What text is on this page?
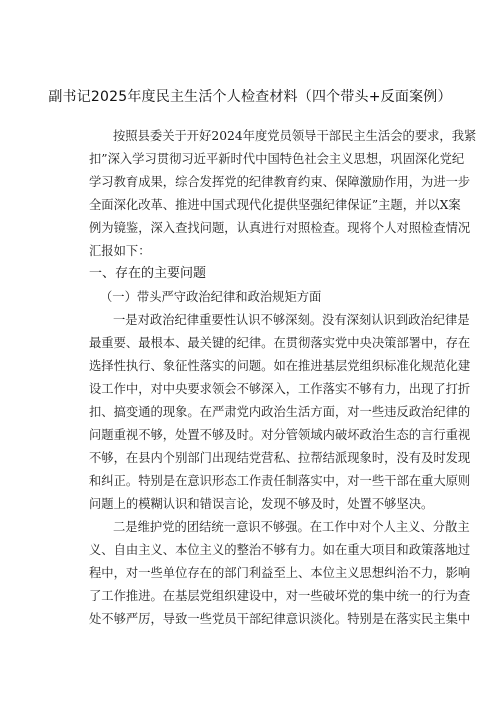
副书记2025年度民主生活个人检查材料（四个带头+反面案例）
按照县委关于开好2024年度党员领导干部民主生活会的要求，我紧
扣”深入学习贯彻习近平新时代中国特色社会主义思想，巩固深化党纪
学习教育成果，综合发挥党的纪律教育约束、保障激励作用，为进一步
全面深化改革、推进中国式现代化提供坚强纪律保证”主题，并以X案
例为镜鉴，深入查找问题，认真进行对照检查。现将个人对照检查情况
汇报如下：
一、存在的主要问题
（一）带头严守政治纪律和政治规矩方面
一是对政治纪律重要性认识不够深刻。没有深刻认识到政治纪律是
最重要、最根本、最关键的纪律。在贯彻落实党中央决策部署中，存在
选择性执行、象征性落实的问题。如在推进基层党组织标准化规范化建
设工作中，对中央要求领会不够深入，工作落实不够有力，出现了打折
扣、搞变通的现象。在严肃党内政治生活方面，对一些违反政治纪律的
问题重视不够，处置不够及时。对分管领域内破坏政治生态的言行重视
不够，在县内个别部门出现结党营私、拉帮结派现象时，没有及时发现
和纠正。特别是在意识形态工作责任制落实中，对一些干部在重大原则
问题上的模糊认识和错误言论，发现不够及时，处置不够坚决。
二是维护党的团结统一意识不够强。在工作中对个人主义、分散主
义、自由主义、本位主义的整治不够有力。如在重大项目和政策落地过
程中，对一些单位存在的部门利益至上、本位主义思想纠治不力，影响
了工作推进。在基层党组织建设中，对一些破坏党的集中统一的行为查
处不够严厉，导致一些党员干部纪律意识淡化。特别是在落实民主集中
